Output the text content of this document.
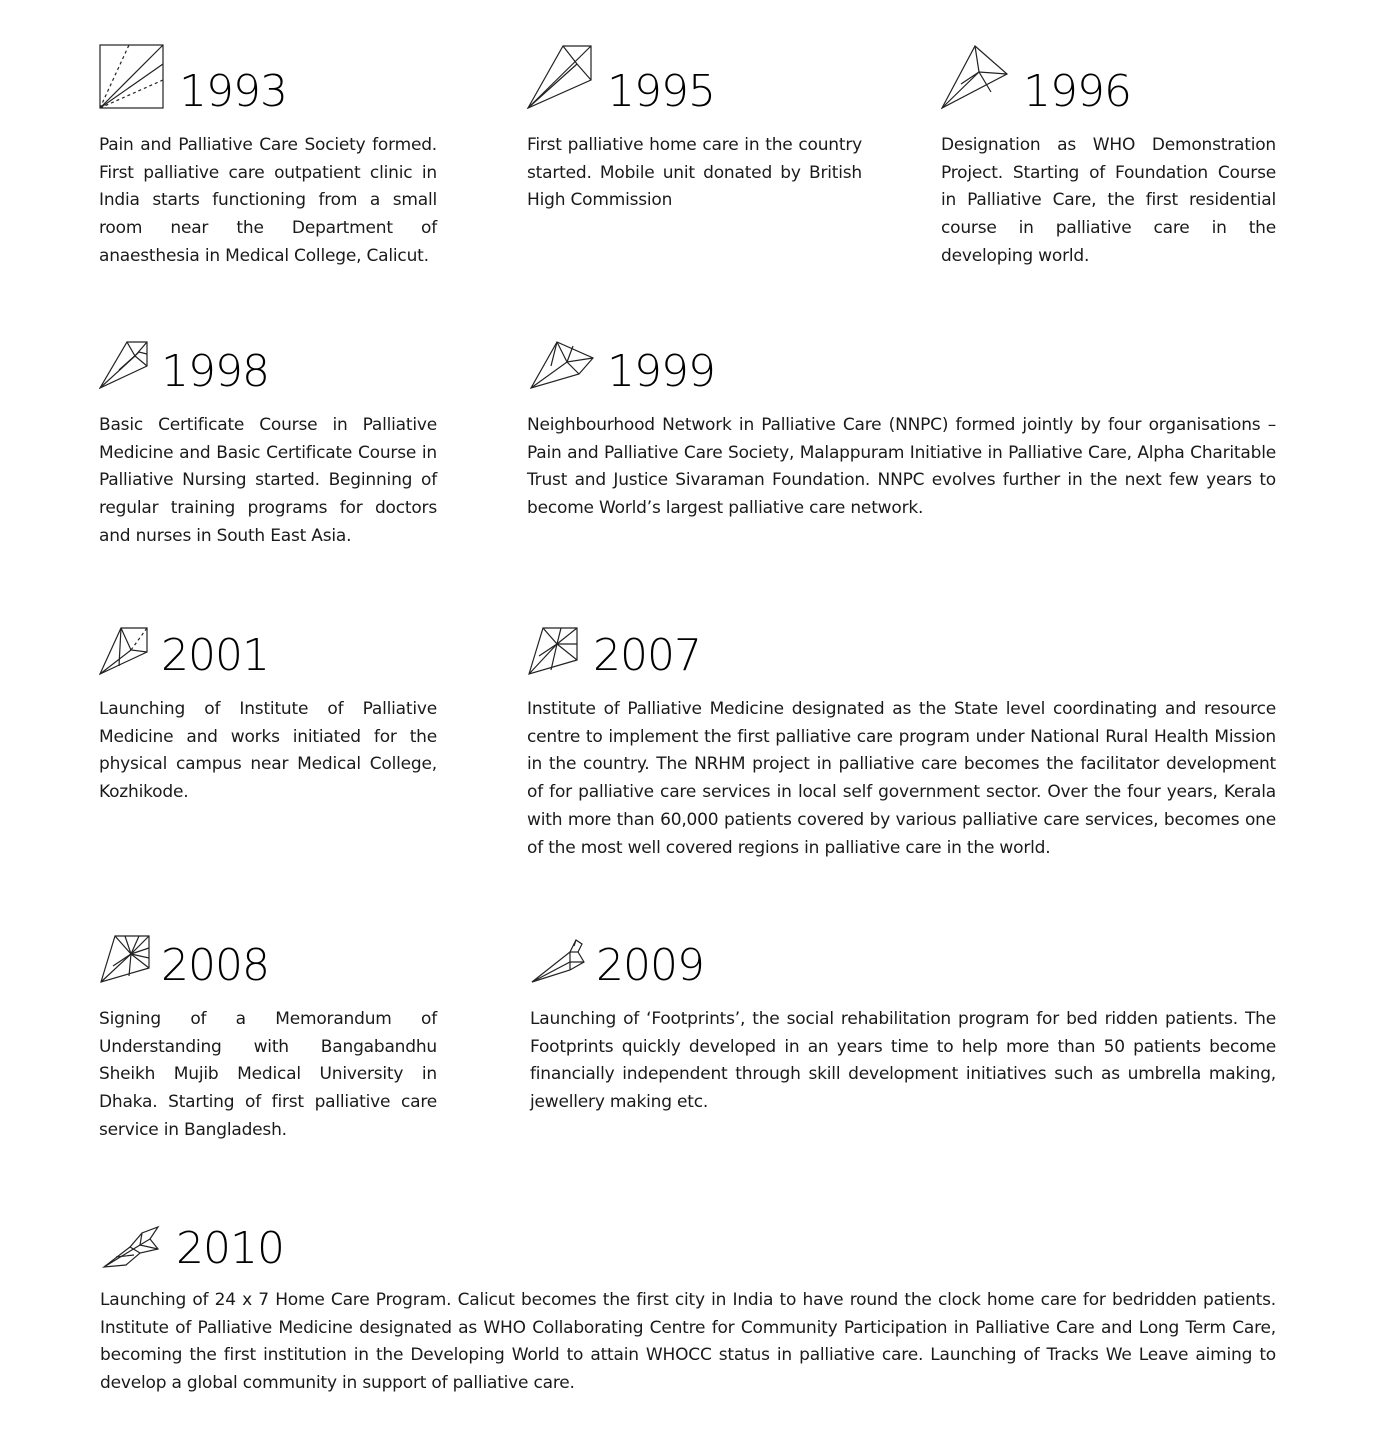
1993
Pain and Palliative Care Society formed. First palliative care outpatient clinic in India starts functioning from a small room near the Department of anaesthesia in Medical College, Calicut.
1995
First palliative home care in the country started. Mobile unit donated by British High Commission
1996
Designation as WHO Demonstration Project. Starting of Foundation Course in Palliative Care, the first residential course in palliative care in the developing world.
1998
Basic Certificate Course in Palliative Medicine and Basic Certificate Course in Palliative Nursing started. Beginning of regular training programs for doctors and nurses in South East Asia.
1999
Neighbourhood Network in Palliative Care (NNPC) formed jointly by four organisations – Pain and Palliative Care Society, Malappuram Initiative in Palliative Care, Alpha Charitable Trust and Justice Sivaraman Foundation. NNPC evolves further in the next few years to become World’s largest palliative care network.
2001
Launching of Institute of Palliative Medicine and works initiated for the physical campus near Medical College, Kozhikode.
2007
Institute of Palliative Medicine designated as the State level coordinating and resource centre to implement the first palliative care program under National Rural Health Mission in the country. The NRHM project in palliative care becomes the facilitator development of for palliative care services in local self government sector. Over the four years, Kerala with more than 60,000 patients covered by various palliative care services, becomes one of the most well covered regions in palliative care in the world.
2008
Signing of a Memorandum of Understanding with Bangabandhu Sheikh Mujib Medical University in Dhaka. Starting of first palliative care service in Bangladesh.
2009
Launching of ‘Footprints’, the social rehabilitation program for bed ridden patients. The Footprints quickly developed in an years time to help more than 50 patients become financially independent through skill development initiatives such as umbrella making, jewellery making etc.
2010
Launching of 24 x 7 Home Care Program. Calicut becomes the first city in India to have round the clock home care for bedridden patients. Institute of Palliative Medicine designated as WHO Collaborating Centre for Community Participation in Palliative Care and Long Term Care, becoming the first institution in the Developing World to attain WHOCC status in palliative care. Launching of Tracks We Leave aiming to develop a global community in support of palliative care.
